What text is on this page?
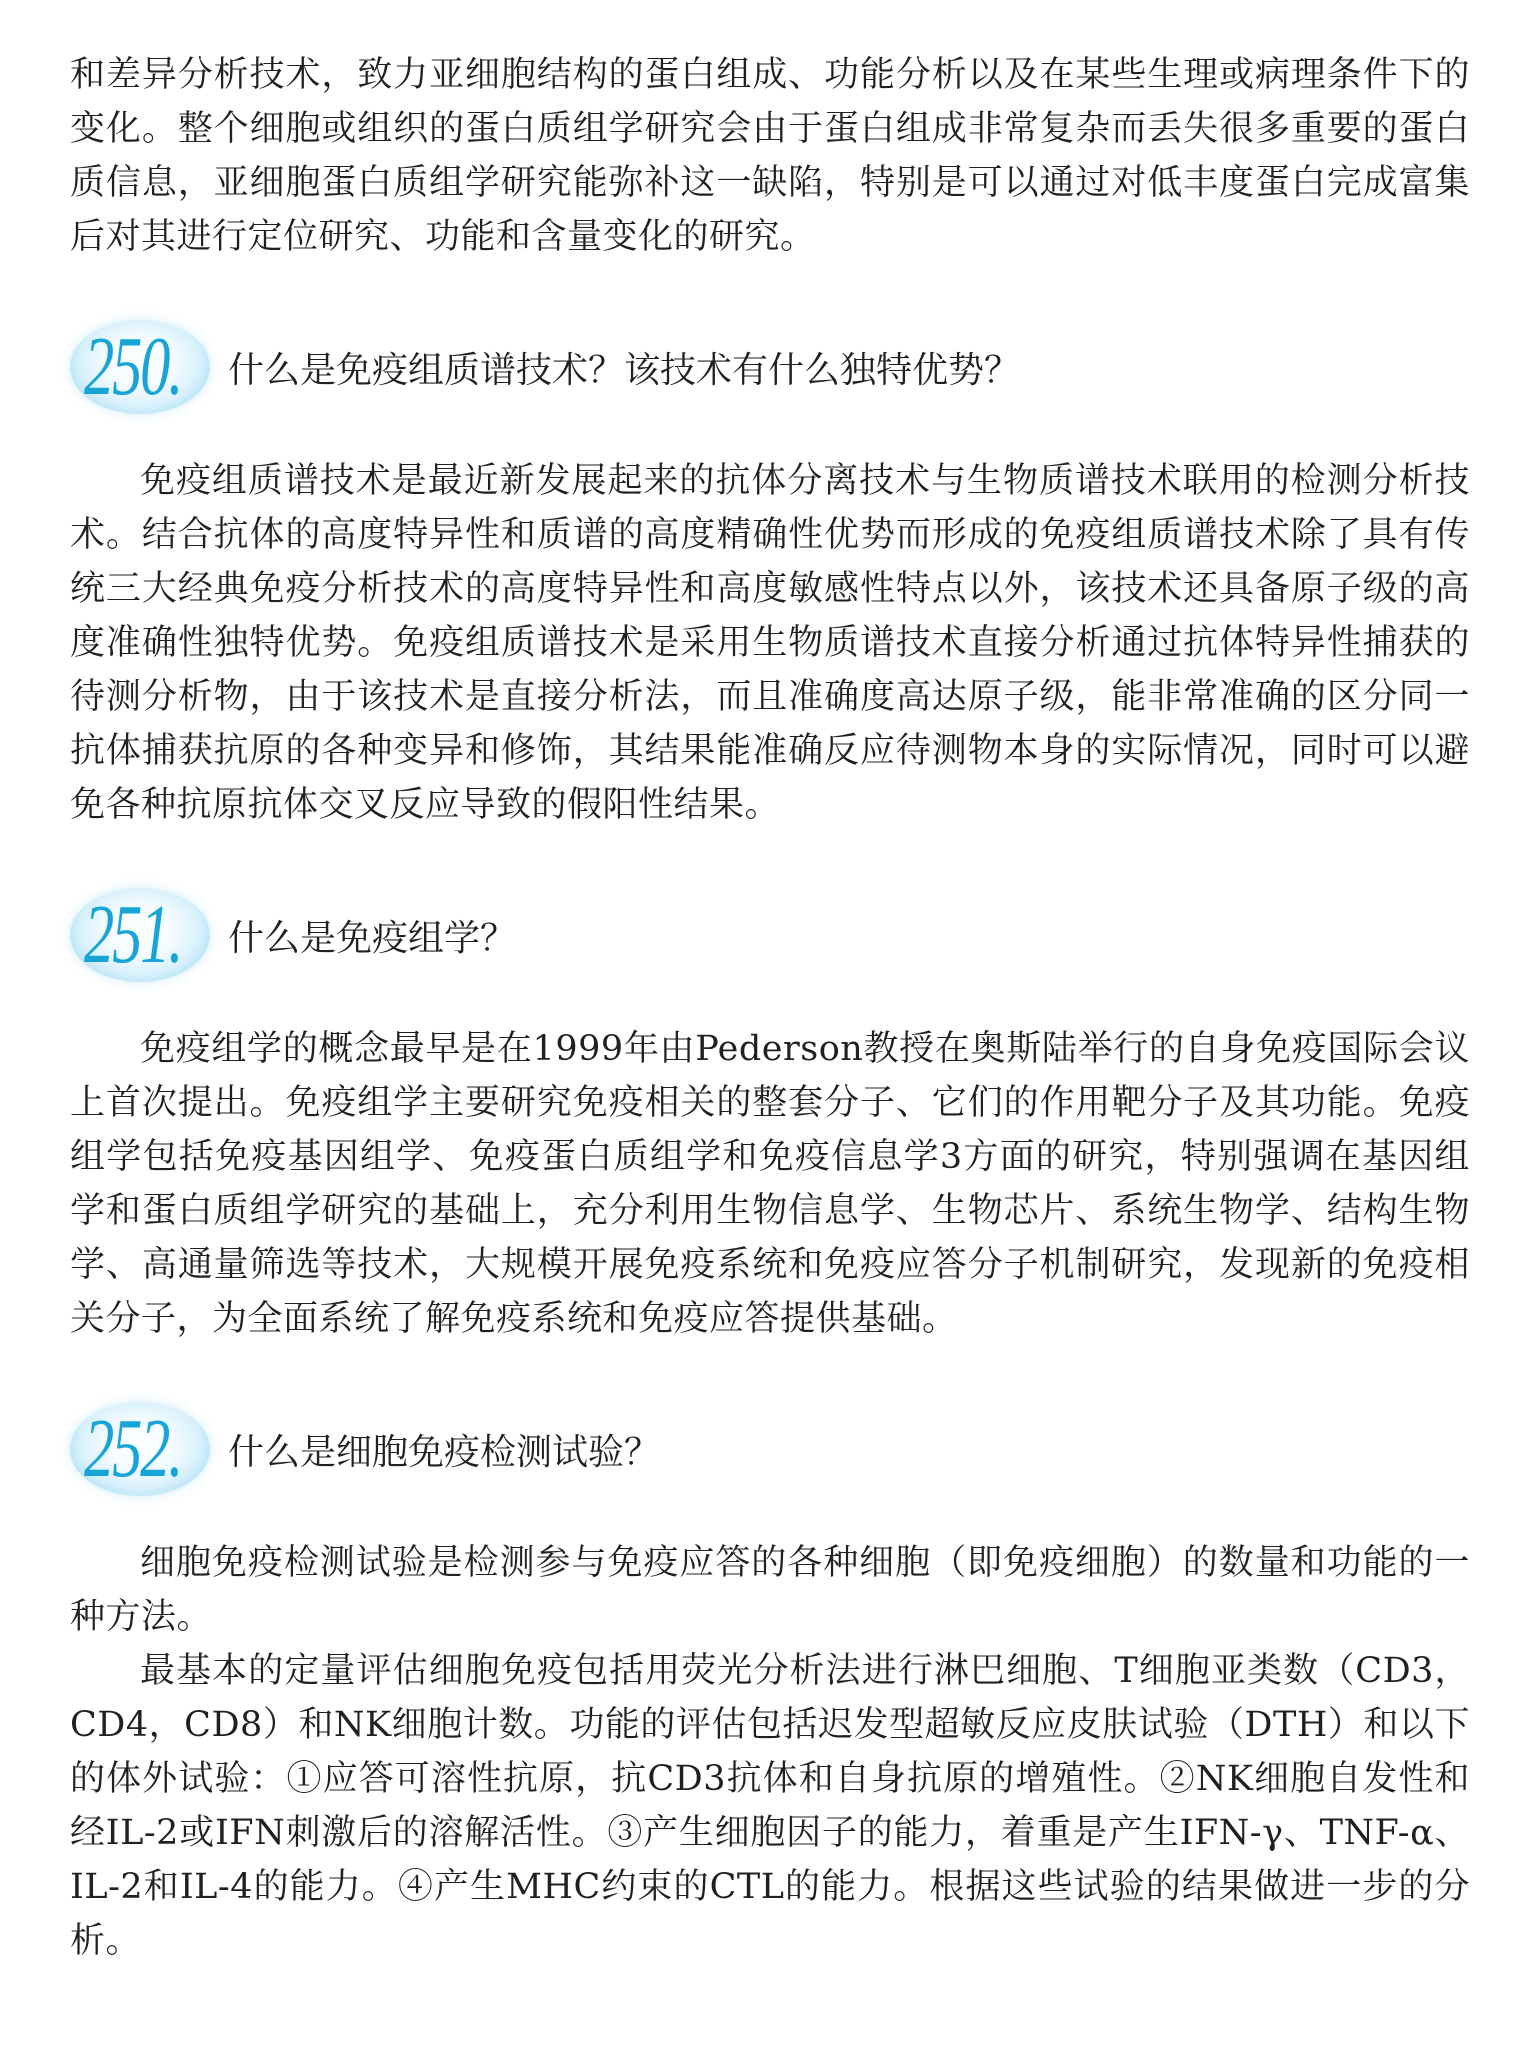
和差异分析技术，致力亚细胞结构的蛋白组成、功能分析以及在某些生理或病理条件下的变化。整个细胞或组织的蛋白质组学研究会由于蛋白组成非常复杂而丢失很多重要的蛋白质信息，亚细胞蛋白质组学研究能弥补这一缺陷，特别是可以通过对低丰度蛋白完成富集后对其进行定位研究、功能和含量变化的研究。

250. 什么是免疫组质谱技术？该技术有什么独特优势？

免疫组质谱技术是最近新发展起来的抗体分离技术与生物质谱技术联用的检测分析技术。结合抗体的高度特异性和质谱的高度精确性优势而形成的免疫组质谱技术除了具有传统三大经典免疫分析技术的高度特异性和高度敏感性特点以外，该技术还具备原子级的高度准确性独特优势。免疫组质谱技术是采用生物质谱技术直接分析通过抗体特异性捕获的待测分析物，由于该技术是直接分析法，而且准确度高达原子级，能非常准确的区分同一抗体捕获抗原的各种变异和修饰，其结果能准确反应待测物本身的实际情况，同时可以避免各种抗原抗体交叉反应导致的假阳性结果。

251. 什么是免疫组学？

免疫组学的概念最早是在1999年由Pederson教授在奥斯陆举行的自身免疫国际会议上首次提出。免疫组学主要研究免疫相关的整套分子、它们的作用靶分子及其功能。免疫组学包括免疫基因组学、免疫蛋白质组学和免疫信息学3方面的研究，特别强调在基因组学和蛋白质组学研究的基础上，充分利用生物信息学、生物芯片、系统生物学、结构生物学、高通量筛选等技术，大规模开展免疫系统和免疫应答分子机制研究，发现新的免疫相关分子，为全面系统了解免疫系统和免疫应答提供基础。

252. 什么是细胞免疫检测试验？

细胞免疫检测试验是检测参与免疫应答的各种细胞（即免疫细胞）的数量和功能的一种方法。

最基本的定量评估细胞免疫包括用荧光分析法进行淋巴细胞、T细胞亚类数（CD3，CD4，CD8）和NK细胞计数。功能的评估包括迟发型超敏反应皮肤试验（DTH）和以下的体外试验：①应答可溶性抗原，抗CD3抗体和自身抗原的增殖性。②NK细胞自发性和经IL-2或IFN刺激后的溶解活性。③产生细胞因子的能力，着重是产生IFN-γ、TNF-α、IL-2和IL-4的能力。④产生MHC约束的CTL的能力。根据这些试验的结果做进一步的分析。
